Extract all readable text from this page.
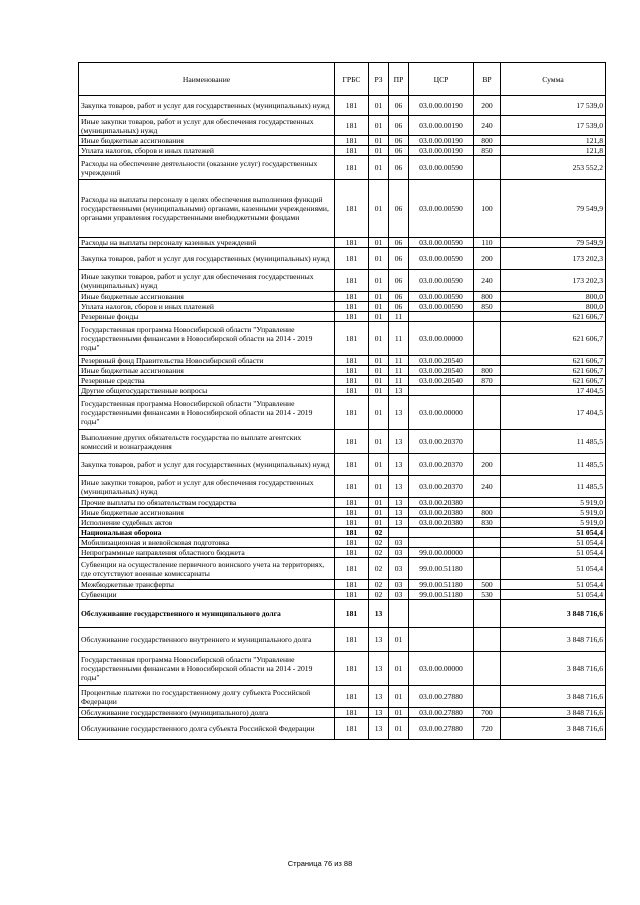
Наименование	ГРБС	РЗ	ПР	ЦСР	ВР	Сумма
Закупка товаров, работ и услуг для государственных (муниципальных) нужд	181	01	06	03.0.00.00190	200	17 539,0
Иные закупки товаров, работ и услуг для обеспечения государственных (муниципальных) нужд	181	01	06	03.0.00.00190	240	17 539,0
Иные бюджетные ассигнования	181	01	06	03.0.00.00190	800	121,8
Уплата налогов, сборов и иных платежей	181	01	06	03.0.00.00190	850	121,8
Расходы на обеспечение деятельности (оказание услуг) государственных учреждений	181	01	06	03.0.00.00590		253 552,2
Расходы на выплаты персоналу в целях обеспечения выполнения функций государственными (муниципальными) органами, казенными учреждениями, органами управления государственными внебюджетными фондами	181	01	06	03.0.00.00590	100	79 549,9
Расходы на выплаты персоналу казенных учреждений	181	01	06	03.0.00.00590	110	79 549,9
Закупка товаров, работ и услуг для государственных (муниципальных) нужд	181	01	06	03.0.00.00590	200	173 202,3
Иные закупки товаров, работ и услуг для обеспечения государственных (муниципальных) нужд	181	01	06	03.0.00.00590	240	173 202,3
Иные бюджетные ассигнования	181	01	06	03.0.00.00590	800	800,0
Уплата налогов, сборов и иных платежей	181	01	06	03.0.00.00590	850	800,0
Резервные фонды	181	01	11			621 606,7
Государственная программа Новосибирской области "Управление государственными финансами в Новосибирской области на 2014 - 2019 годы"	181	01	11	03.0.00.00000		621 606,7
Резервный фонд Правительства Новосибирской области	181	01	11	03.0.00.20540		621 606,7
Иные бюджетные ассигнования	181	01	11	03.0.00.20540	800	621 606,7
Резервные средства	181	01	11	03.0.00.20540	870	621 606,7
Другие общегосударственные вопросы	181	01	13			17 404,5
Государственная программа Новосибирской области "Управление государственными финансами в Новосибирской области на 2014 - 2019 годы"	181	01	13	03.0.00.00000		17 404,5
Выполнение других обязательств государства по выплате агентских комиссий и вознаграждения	181	01	13	03.0.00.20370		11 485,5
Закупка товаров, работ и услуг для государственных (муниципальных) нужд	181	01	13	03.0.00.20370	200	11 485,5
Иные закупки товаров, работ и услуг для обеспечения государственных (муниципальных) нужд	181	01	13	03.0.00.20370	240	11 485,5
Прочие выплаты по обязательствам государства	181	01	13	03.0.00.20380		5 919,0
Иные бюджетные ассигнования	181	01	13	03.0.00.20380	800	5 919,0
Исполнение судебных актов	181	01	13	03.0.00.20380	830	5 919,0
Национальная оборона	181	02				51 054,4
Мобилизационная и вневойсковая подготовка	181	02	03			51 054,4
Непрограммные направления областного бюджета	181	02	03	99.0.00.00000		51 054,4
Субвенции на осуществление первичного воинского учета на территориях, где отсутствуют военные комиссариаты	181	02	03	99.0.00.51180		51 054,4
Межбюджетные трансферты	181	02	03	99.0.00.51180	500	51 054,4
Субвенции	181	02	03	99.0.00.51180	530	51 054,4
Обслуживание государственного и муниципального долга	181	13				3 848 716,6
Обслуживание государственного внутреннего и муниципального долга	181	13	01			3 848 716,6
Государственная программа Новосибирской области "Управление государственными финансами в Новосибирской области на 2014 - 2019 годы"	181	13	01	03.0.00.00000		3 848 716,6
Процентные платежи по государственному долгу субъекта Российской Федерации	181	13	01	03.0.00.27880		3 848 716,6
Обслуживание государственного (муниципального) долга	181	13	01	03.0.00.27880	700	3 848 716,6
Обслуживание государственного долга субъекта Российской Федерации	181	13	01	03.0.00.27880	720	3 848 716,6
Страница 76 из 88
